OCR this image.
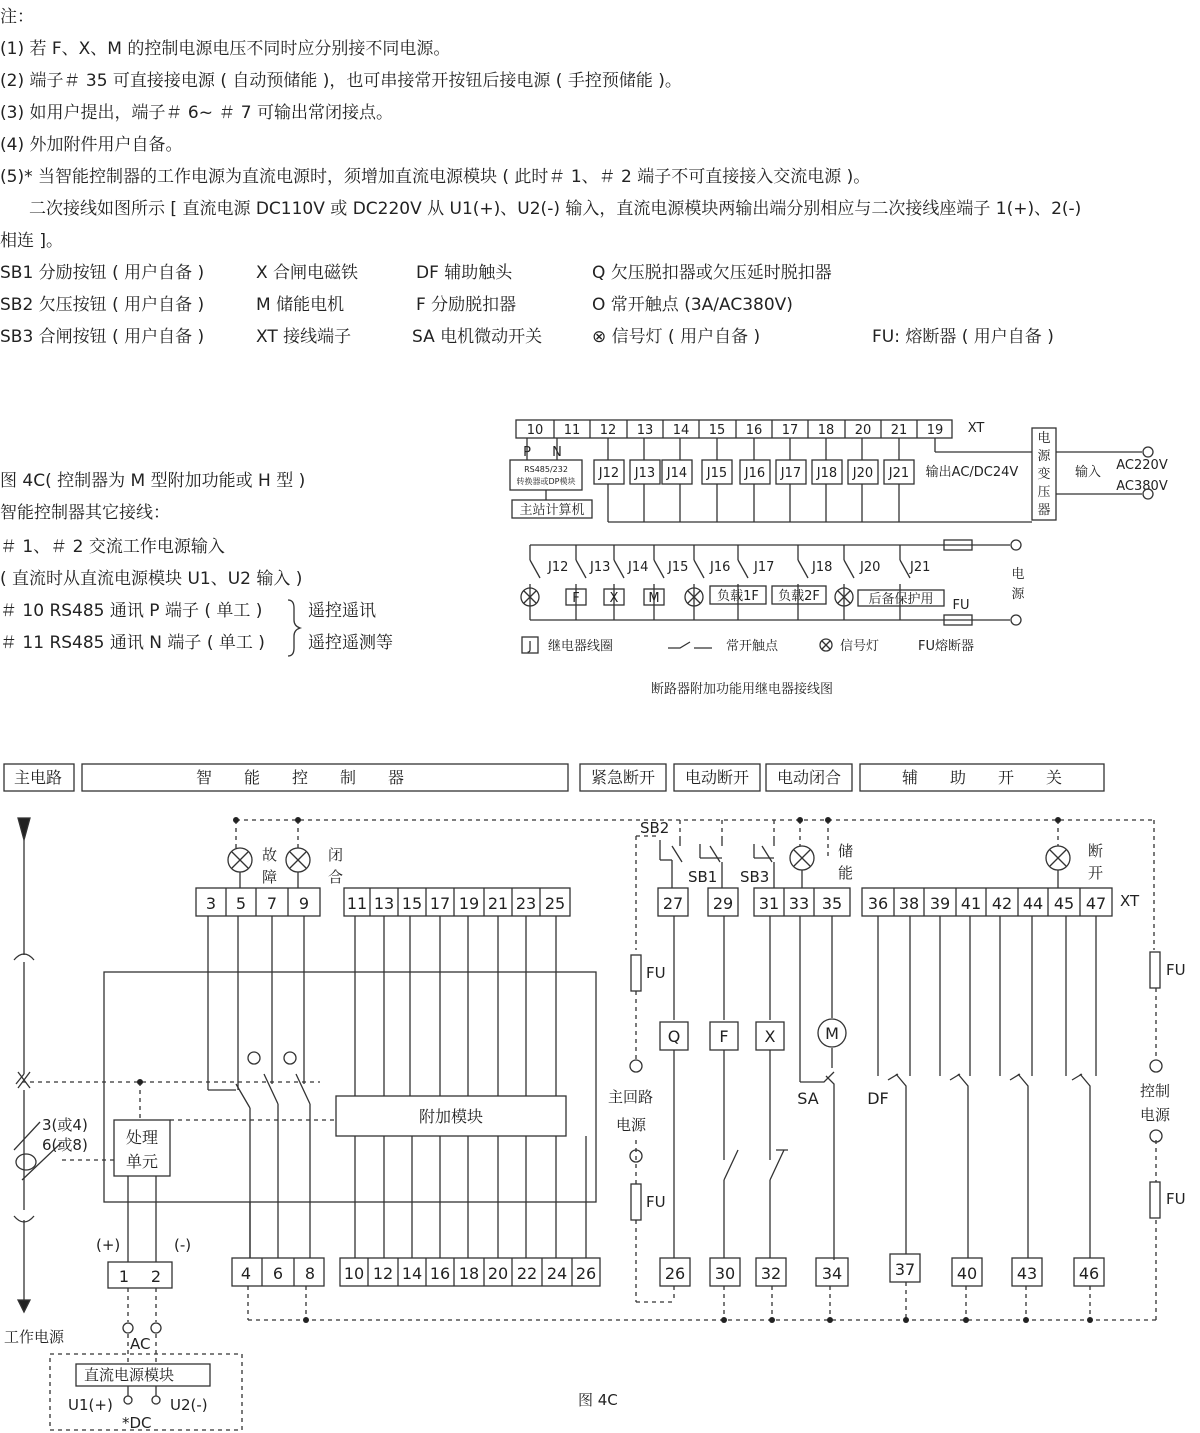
注：
(1) 若 F、X、M 的控制电源电压不同时应分别接不同电源。
(2) 端子＃ 35 可直接接电源 ( 自动预储能 )，也可串接常开按钮后接电源 ( 手控预储能 )。
(3) 如用户提出，端子＃ 6~ ＃ 7 可输出常闭接点。
(4) 外加附件用户自备。
(5)* 当智能控制器的工作电源为直流电源时，须增加直流电源模块 ( 此时＃ 1、＃ 2 端子不可直接接入交流电源 )。
　二次接线如图所示 [ 直流电源 DC110V 或 DC220V 从 U1(+)、U2(-) 输入，直流电源模块两输出端分别相应与二次接线座端子 1(+)、2(-)
相连 ]。
SB1 分励按钮 ( 用户自备 )	X 合闸电磁铁	DF 辅助触头	Q 欠压脱扣器或欠压延时脱扣器
SB2 欠压按钮 ( 用户自备 )	M 储能电机	F 分励脱扣器	O 常开触点 (3A/AC380V)
SB3 合闸按钮 ( 用户自备 )	XT 接线端子	SA 电机微动开关	⊗ 信号灯 ( 用户自备 )	FU: 熔断器 ( 用户自备 )
图 4C( 控制器为 M 型附加功能或 H 型 )
智能控制器其它接线：
＃ 1、＃ 2 交流工作电源输入
( 直流时从直流电源模块 U1、U2 输入 )
＃ 10 RS485 通讯 P 端子 ( 单工 )
＃ 11 RS485 通讯 N 端子 ( 单工 )
遥控遥讯
遥控遥测等
10 11 12 13 14 15 16 17 18 20 21 19 XT
P N
RS485/232
转换器或DP模块
主站计算机
J12 J13 J14 J15 J16 J17 J18 J20 J21 输出AC/DC24V
电
源
变
压
器
输入 AC220V
AC380V
J12 J13 J14 J15 J16 J17	J18 J20 J21
F X M	负载1F 负载2F	后备保护用 FU
电
源
J 继电器线圈	常开触点	信号灯	FU熔断器
断路器附加功能用继电器接线图
主电路	智　　能　　控　　制　　器	紧急断开 电动断开 电动闭合	辅　　助　　开　　关
故
障
闭
合
储
能
断
开
SB2
SB1 SB3
XT
3 5 7 9 11 13 15 17 19 21 23 25	27 29 31 33 35 36 38 39 41 42 44 45 47
附加模块
处理
单元
3(或4)
6(或8)
(+)	(-)
1 2	4 6 8 10 12 14 16 18 20 22 24 26
Q F X	M
SA	DF
FU	FU
FU	FU
主回路
电源
控制
电源
26 30 32	34	37	40 43	46
工作电源	AC
直流电源模块
U1(+)	U2(-)
*DC
图 4C
